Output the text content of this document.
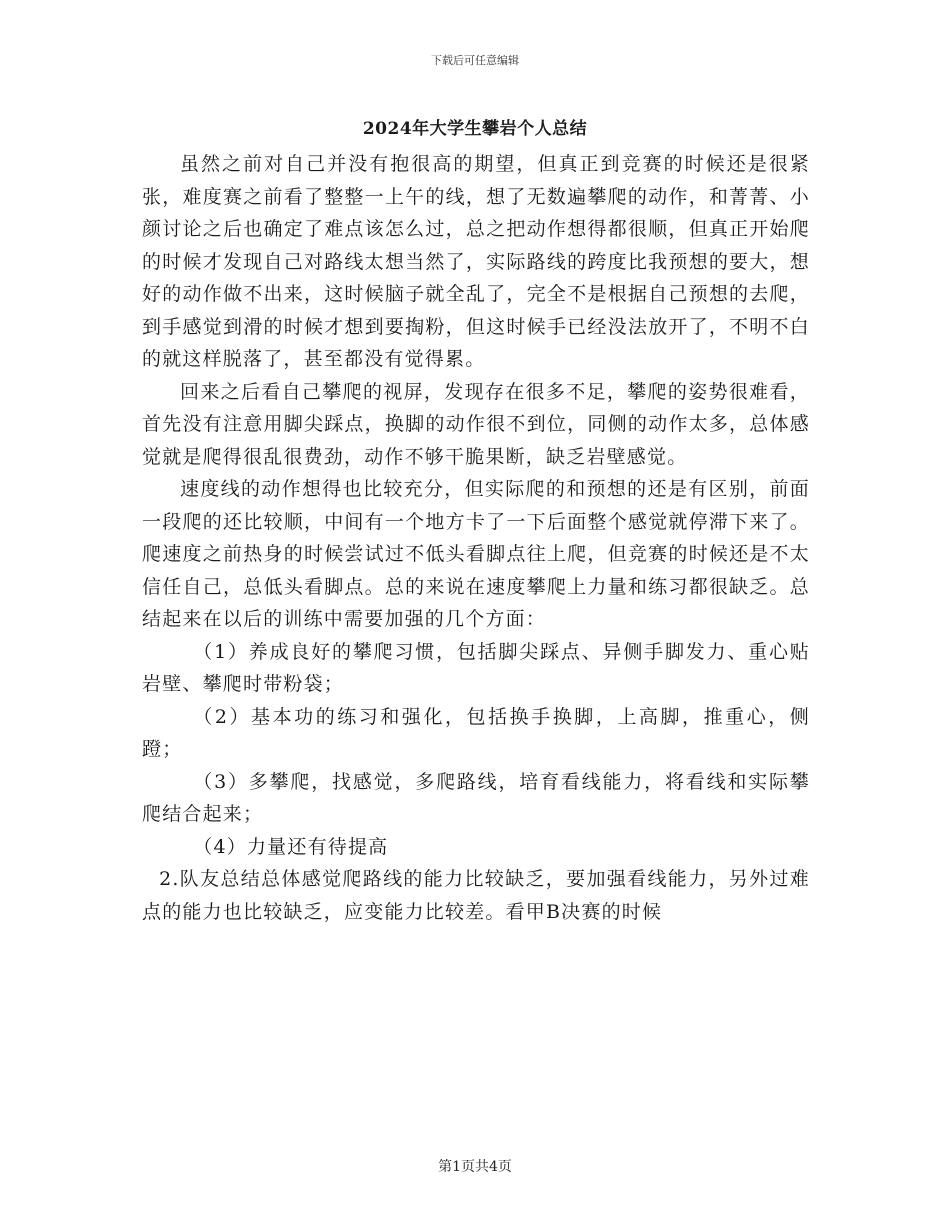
下载后可任意编辑
2024年大学生攀岩个人总结

虽然之前对自己并没有抱很高的期望，但真正到竞赛的时候还是很紧张，难度赛之前看了整整一上午的线，想了无数遍攀爬的动作，和菁菁、小颜讨论之后也确定了难点该怎么过，总之把动作想得都很顺，但真正开始爬的时候才发现自己对路线太想当然了，实际路线的跨度比我预想的要大，想好的动作做不出来，这时候脑子就全乱了，完全不是根据自己预想的去爬，到手感觉到滑的时候才想到要掏粉，但这时候手已经没法放开了，不明不白的就这样脱落了，甚至都没有觉得累。

回来之后看自己攀爬的视屏，发现存在很多不足，攀爬的姿势很难看，首先没有注意用脚尖踩点，换脚的动作很不到位，同侧的动作太多，总体感觉就是爬得很乱很费劲，动作不够干脆果断，缺乏岩壁感觉。

速度线的动作想得也比较充分，但实际爬的和预想的还是有区别，前面一段爬的还比较顺，中间有一个地方卡了一下后面整个感觉就停滞下来了。爬速度之前热身的时候尝试过不低头看脚点往上爬，但竞赛的时候还是不太信任自己，总低头看脚点。总的来说在速度攀爬上力量和练习都很缺乏。总结起来在以后的训练中需要加强的几个方面：

（1）养成良好的攀爬习惯，包括脚尖踩点、异侧手脚发力、重心贴岩壁、攀爬时带粉袋；

（2）基本功的练习和强化，包括换手换脚，上高脚，推重心，侧蹬；

（3）多攀爬，找感觉，多爬路线，培育看线能力，将看线和实际攀爬结合起来；

（4）力量还有待提高

2.队友总结总体感觉爬路线的能力比较缺乏，要加强看线能力，另外过难点的能力也比较缺乏，应变能力比较差。看甲B决赛的时候

第1页共4页
